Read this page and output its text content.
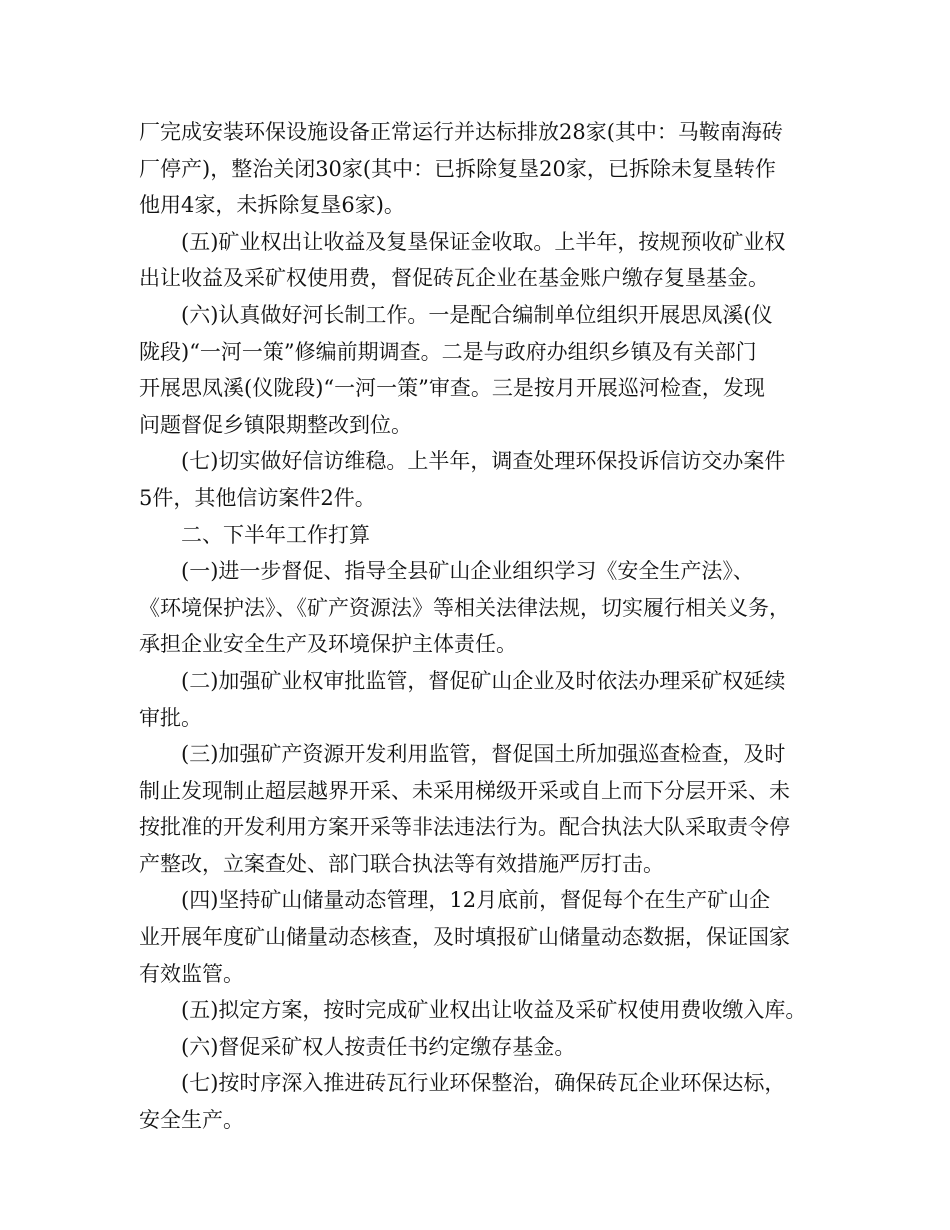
厂完成安装环保设施设备正常运行并达标排放28家(其中：马鞍南海砖
厂停产)，整治关闭30家(其中：已拆除复垦20家，已拆除未复垦转作
他用4家，未拆除复垦6家)。
(五)矿业权出让收益及复垦保证金收取。上半年，按规预收矿业权
出让收益及采矿权使用费，督促砖瓦企业在基金账户缴存复垦基金。
(六)认真做好河长制工作。一是配合编制单位组织开展思凤溪(仪
陇段)“一河一策”修编前期调查。二是与政府办组织乡镇及有关部门
开展思凤溪(仪陇段)“一河一策”审查。三是按月开展巡河检查，发现
问题督促乡镇限期整改到位。
(七)切实做好信访维稳。上半年，调查处理环保投诉信访交办案件
5件，其他信访案件2件。
二、下半年工作打算
(一)进一步督促、指导全县矿山企业组织学习《安全生产法》、
《环境保护法》、《矿产资源法》等相关法律法规，切实履行相关义务，
承担企业安全生产及环境保护主体责任。
(二)加强矿业权审批监管，督促矿山企业及时依法办理采矿权延续
审批。
(三)加强矿产资源开发利用监管，督促国土所加强巡查检查，及时
制止发现制止超层越界开采、未采用梯级开采或自上而下分层开采、未
按批准的开发利用方案开采等非法违法行为。配合执法大队采取责令停
产整改，立案查处、部门联合执法等有效措施严厉打击。
(四)坚持矿山储量动态管理，12月底前，督促每个在生产矿山企
业开展年度矿山储量动态核查，及时填报矿山储量动态数据，保证国家
有效监管。
(五)拟定方案，按时完成矿业权出让收益及采矿权使用费收缴入库。
(六)督促采矿权人按责任书约定缴存基金。
(七)按时序深入推进砖瓦行业环保整治，确保砖瓦企业环保达标，
安全生产。
